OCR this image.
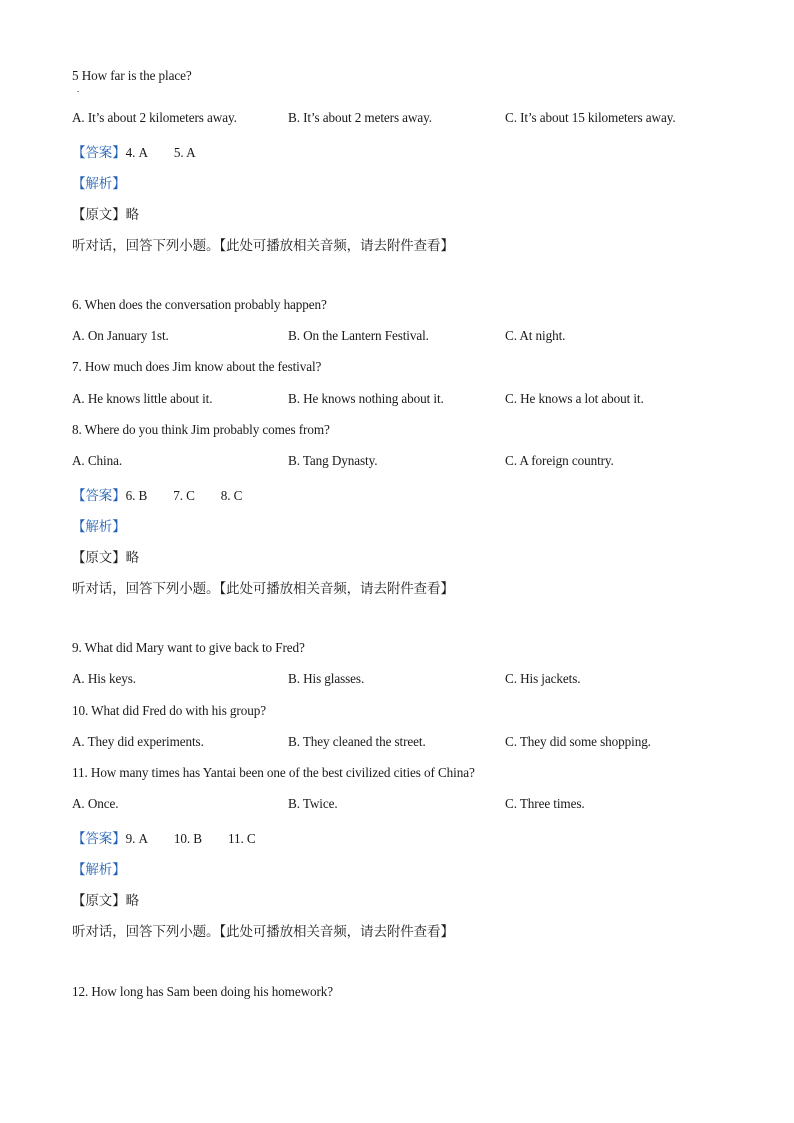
5 How far is the place?
.
A. It’s about 2 kilometers away.	B. It’s about 2 meters away.	C. It’s about 15 kilometers away.
【答案】4. A 5. A
【解析】
【原文】略
听对话，回答下列小题。【此处可播放相关音频，请去附件查看】
6. When does the conversation probably happen?
A. On January 1st.	B. On the Lantern Festival.	C. At night.
7. How much does Jim know about the festival?
A. He knows little about it.	B. He knows nothing about it.	C. He knows a lot about it.
8. Where do you think Jim probably comes from?
A. China.	B. Tang Dynasty.	C. A foreign country.
【答案】6. B 7. C 8. C
【解析】
【原文】略
听对话，回答下列小题。【此处可播放相关音频，请去附件查看】
9. What did Mary want to give back to Fred?
A. His keys.	B. His glasses.	C. His jackets.
10. What did Fred do with his group?
A. They did experiments.	B. They cleaned the street.	C. They did some shopping.
11. How many times has Yantai been one of the best civilized cities of China?
A. Once.	B. Twice.	C. Three times.
【答案】9. A 10. B 11. C
【解析】
【原文】略
听对话，回答下列小题。【此处可播放相关音频，请去附件查看】
12. How long has Sam been doing his homework?
